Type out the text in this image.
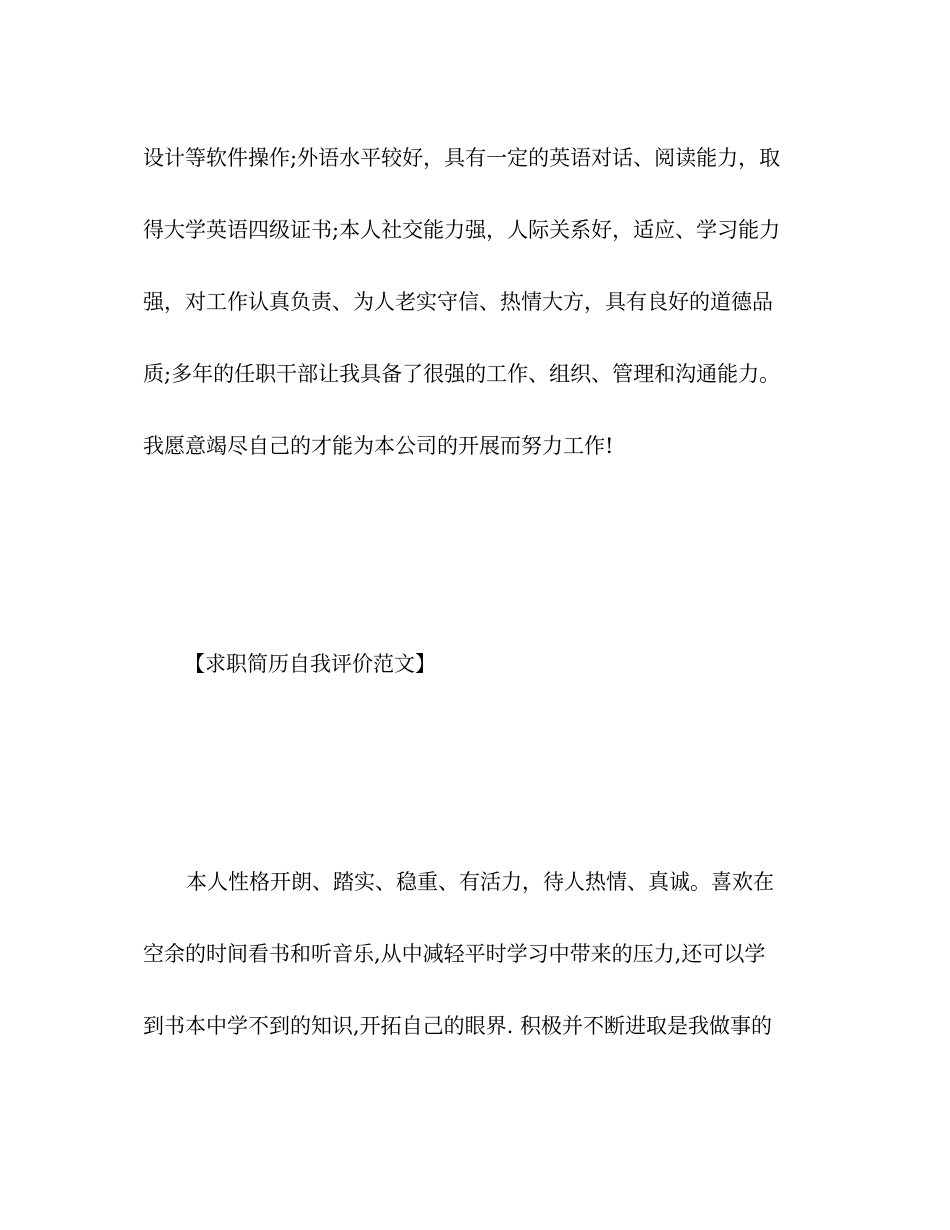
设计等软件操作;外语水平较好，具有一定的英语对话、阅读能力，取
得大学英语四级证书;本人社交能力强，人际关系好，适应、学习能力
强，对工作认真负责、为人老实守信、热情大方，具有良好的道德品
质;多年的任职干部让我具备了很强的工作、组织、管理和沟通能力。
我愿意竭尽自己的才能为本公司的开展而努力工作!
【求职简历自我评价范文】
本人性格开朗、踏实、稳重、有活力，待人热情、真诚。喜欢在
空余的时间看书和听音乐,从中减轻平时学习中带来的压力,还可以学
到书本中学不到的知识,开拓自己的眼界. 积极并不断进取是我做事的
